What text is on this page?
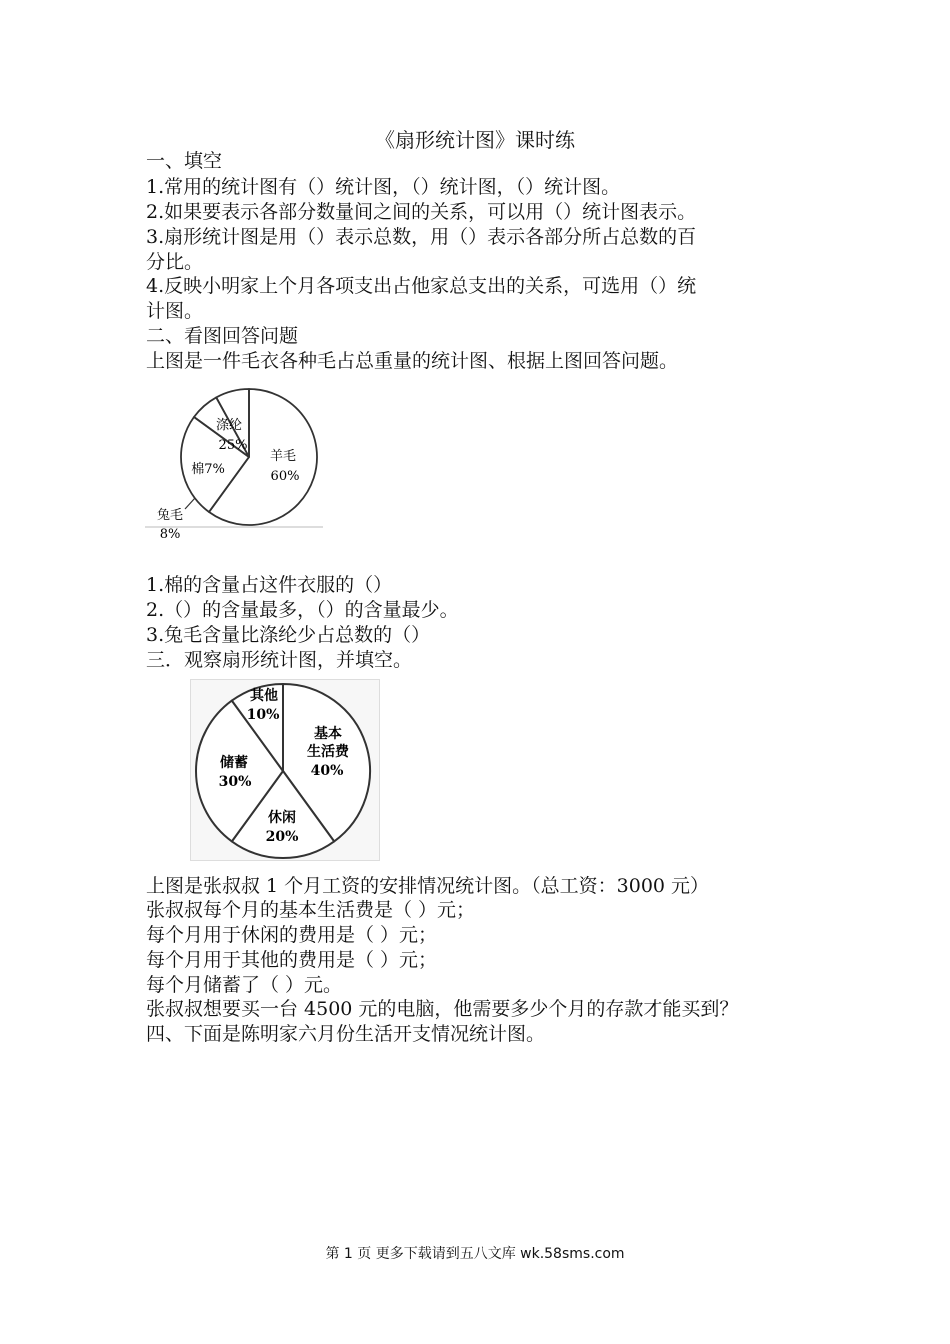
《扇形统计图》课时练
一、填空
1.常用的统计图有（）统计图，（）统计图，（）统计图。
2.如果要表示各部分数量间之间的关系，可以用（）统计图表示。
3.扇形统计图是用（）表示总数，用（）表示各部分所占总数的百
分比。
4.反映小明家上个月各项支出占他家总支出的关系，可选用（）统
计图。
二、看图回答问题
上图是一件毛衣各种毛占总重量的统计图、根据上图回答问题。
涤纶
25%
棉7%
羊毛
60%
兔毛
8%
1.棉的含量占这件衣服的（）
2.（）的含量最多，（）的含量最少。
3.兔毛含量比涤纶少占总数的（）
三．观察扇形统计图，并填空。
其他
10%
基本
生活费
40%
储蓄
30%
休闲
20%
上图是张叔叔 1 个月工资的安排情况统计图。（总工资：3000 元）
张叔叔每个月的基本生活费是（ ）元；
每个月用于休闲的费用是（ ）元；
每个月用于其他的费用是（ ）元；
每个月储蓄了（ ）元。
张叔叔想要买一台 4500 元的电脑，他需要多少个月的存款才能买到？
四、下面是陈明家六月份生活开支情况统计图。
第 1 页 更多下载请到五八文库 wk.58sms.com
